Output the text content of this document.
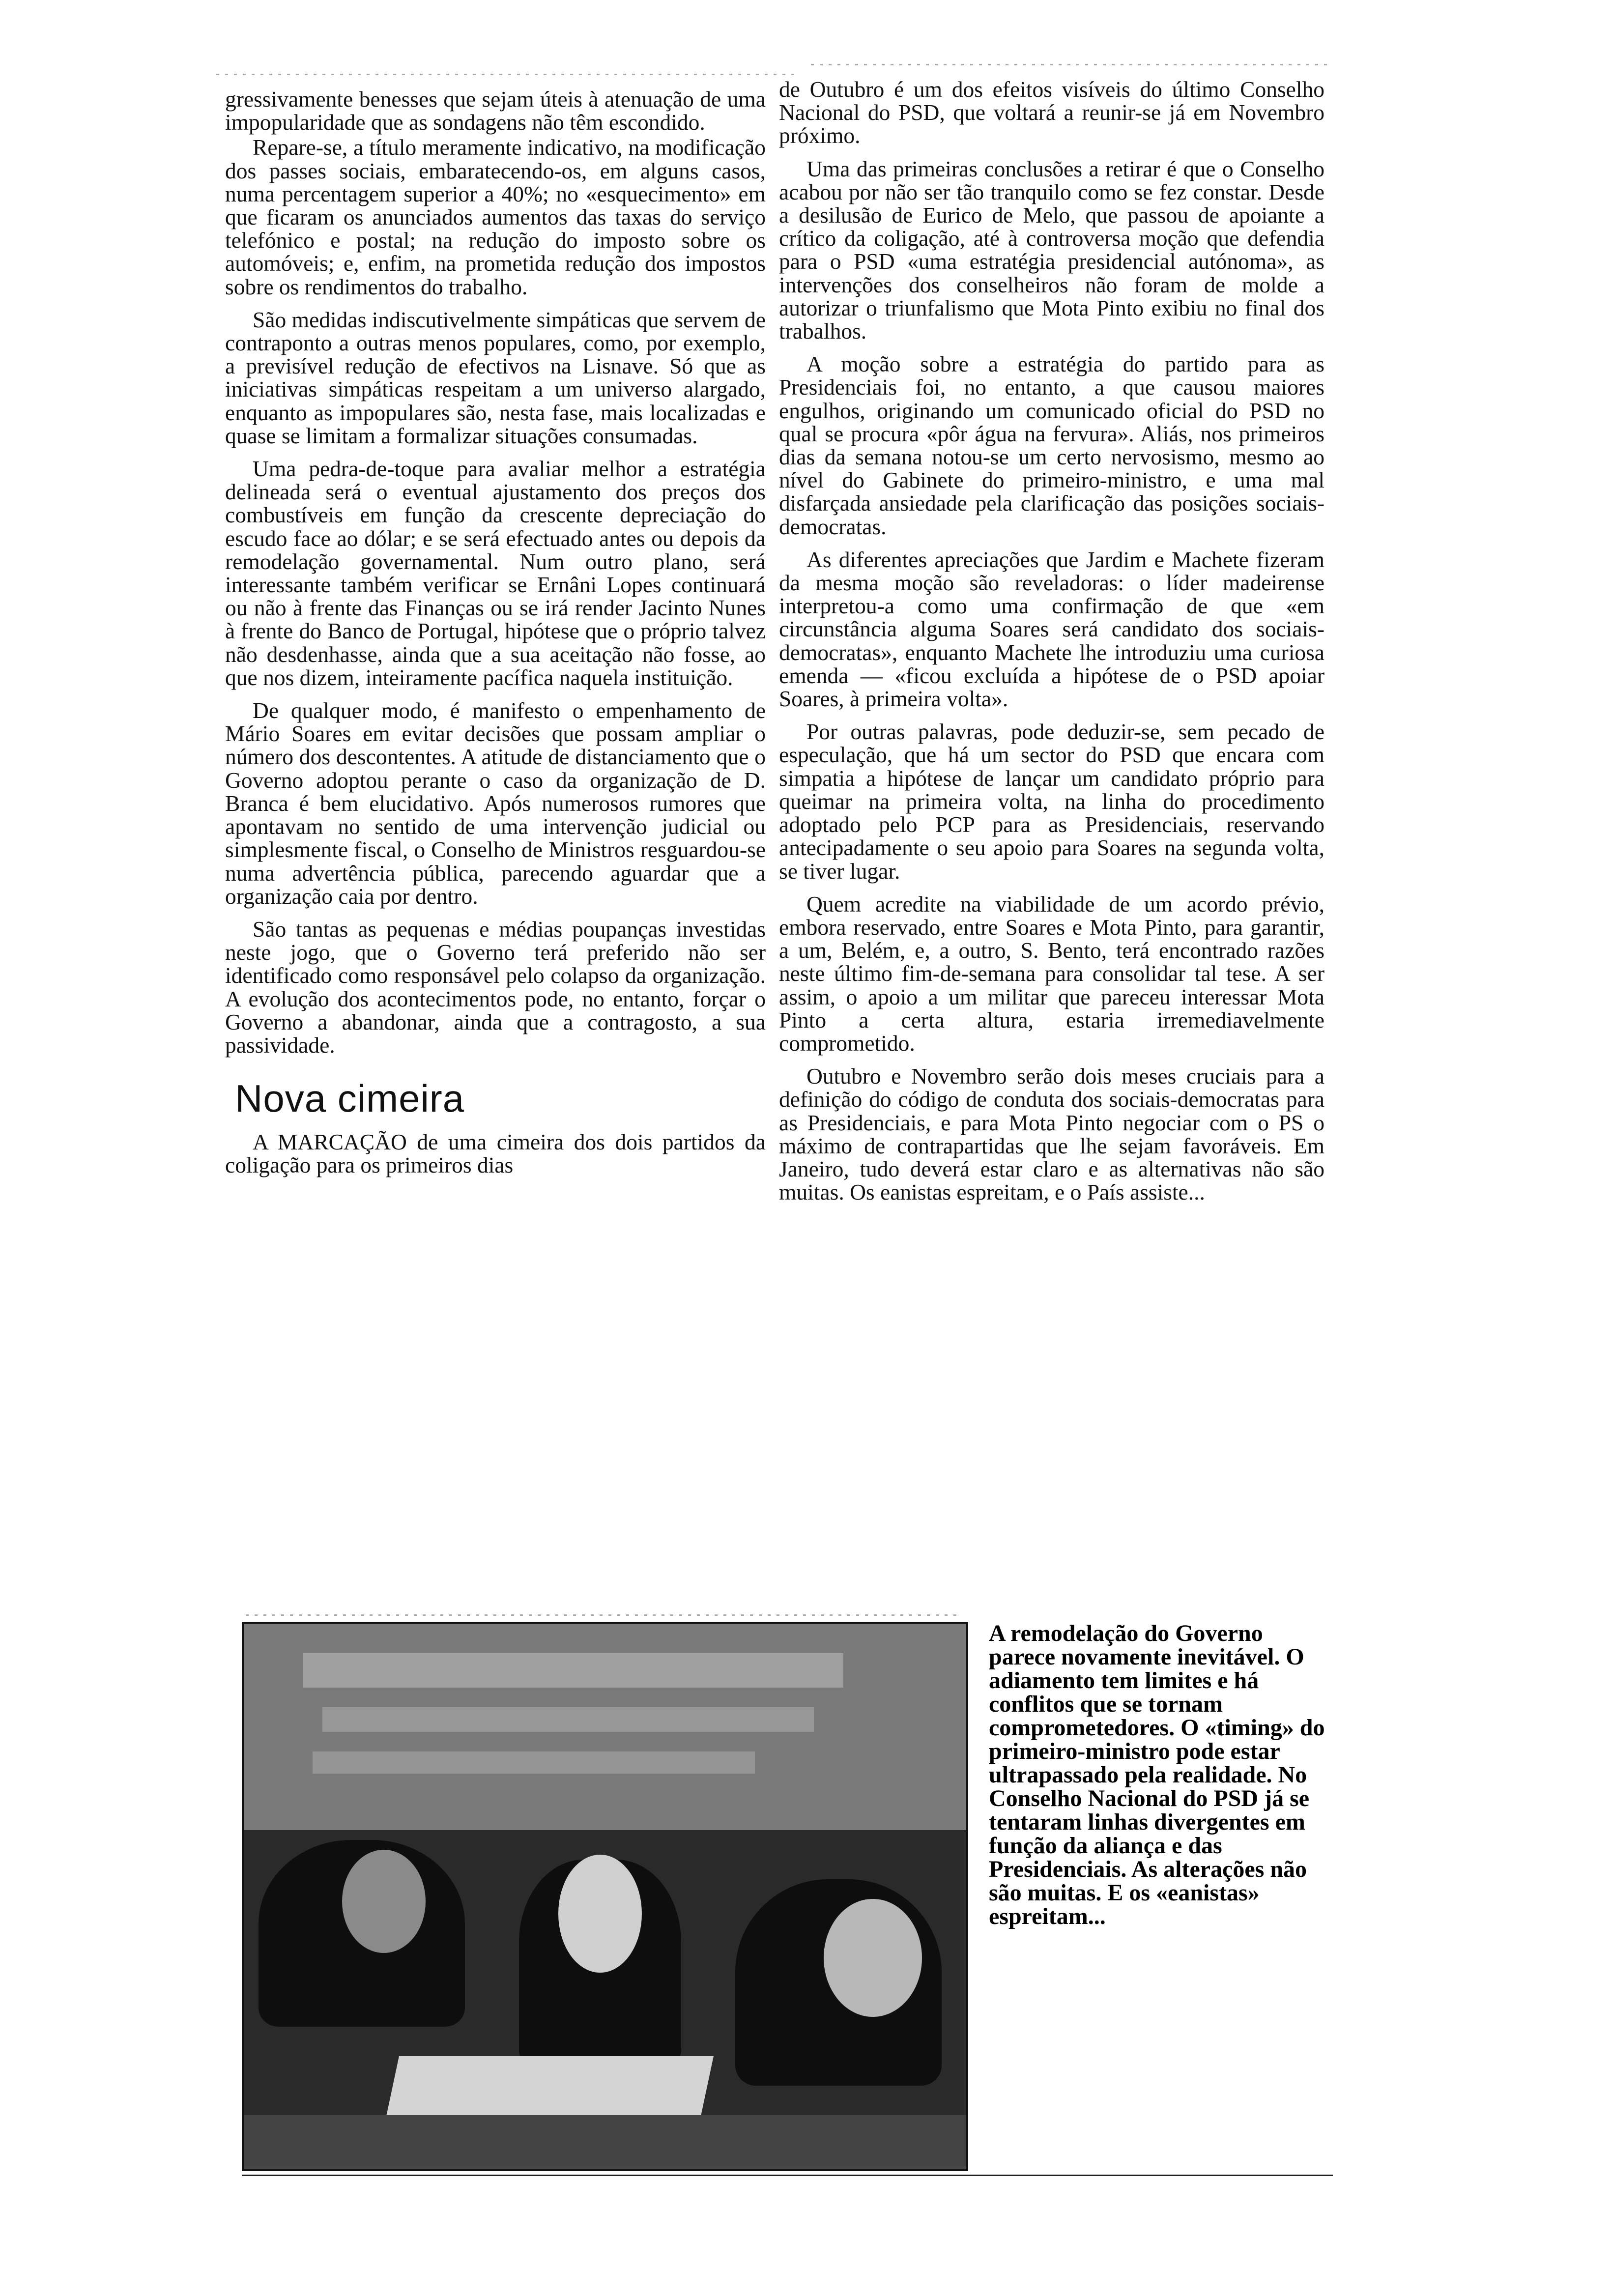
gressivamente benesses que sejam úteis à atenuação de uma impopularidade que as sondagens não têm escondido.

Repare-se, a título meramente indicativo, na modificação dos passes sociais, embaratecendo-os, em alguns casos, numa percentagem superior a 40%; no «esquecimento» em que ficaram os anunciados aumentos das taxas do serviço telefónico e postal; na redução do imposto sobre os automóveis; e, enfim, na prometida redução dos impostos sobre os rendimentos do trabalho.

São medidas indiscutivelmente simpáticas que servem de contraponto a outras menos populares, como, por exemplo, a previsível redução de efectivos na Lisnave. Só que as iniciativas simpáticas respeitam a um universo alargado, enquanto as impopulares são, nesta fase, mais localizadas e quase se limitam a formalizar situações consumadas.

Uma pedra-de-toque para avaliar melhor a estratégia delineada será o eventual ajustamento dos preços dos combustíveis em função da crescente depreciação do escudo face ao dólar; e se será efectuado antes ou depois da remodelação governamental. Num outro plano, será interessante também verificar se Ernâni Lopes continuará ou não à frente das Finanças ou se irá render Jacinto Nunes à frente do Banco de Portugal, hipótese que o próprio talvez não desdenhasse, ainda que a sua aceitação não fosse, ao que nos dizem, inteiramente pacífica naquela instituição.

De qualquer modo, é manifesto o empenhamento de Mário Soares em evitar decisões que possam ampliar o número dos descontentes. A atitude de distanciamento que o Governo adoptou perante o caso da organização de D. Branca é bem elucidativo. Após numerosos rumores que apontavam no sentido de uma intervenção judicial ou simplesmente fiscal, o Conselho de Ministros resguardou-se numa advertência pública, parecendo aguardar que a organização caia por dentro.

São tantas as pequenas e médias poupanças investidas neste jogo, que o Governo terá preferido não ser identificado como responsável pelo colapso da organização. A evolução dos acontecimentos pode, no entanto, forçar o Governo a abandonar, ainda que a contragosto, a sua passividade.

Nova cimeira

A MARCAÇÃO de uma cimeira dos dois partidos da coligação para os primeiros dias

de Outubro é um dos efeitos visíveis do último Conselho Nacional do PSD, que voltará a reunir-se já em Novembro próximo.

Uma das primeiras conclusões a retirar é que o Conselho acabou por não ser tão tranquilo como se fez constar. Desde a desilusão de Eurico de Melo, que passou de apoiante a crítico da coligação, até à controversa moção que defendia para o PSD «uma estratégia presidencial autónoma», as intervenções dos conselheiros não foram de molde a autorizar o triunfalismo que Mota Pinto exibiu no final dos trabalhos.

A moção sobre a estratégia do partido para as Presidenciais foi, no entanto, a que causou maiores engulhos, originando um comunicado oficial do PSD no qual se procura «pôr água na fervura». Aliás, nos primeiros dias da semana notou-se um certo nervosismo, mesmo ao nível do Gabinete do primeiro-ministro, e uma mal disfarçada ansiedade pela clarificação das posições sociais-democratas.

As diferentes apreciações que Jardim e Machete fizeram da mesma moção são reveladoras: o líder madeirense interpretou-a como uma confirmação de que «em circunstância alguma Soares será candidato dos sociais-democratas», enquanto Machete lhe introduziu uma curiosa emenda — «ficou excluída a hipótese de o PSD apoiar Soares, à primeira volta».

Por outras palavras, pode deduzir-se, sem pecado de especulação, que há um sector do PSD que encara com simpatia a hipótese de lançar um candidato próprio para queimar na primeira volta, na linha do procedimento adoptado pelo PCP para as Presidenciais, reservando antecipadamente o seu apoio para Soares na segunda volta, se tiver lugar.

Quem acredite na viabilidade de um acordo prévio, embora reservado, entre Soares e Mota Pinto, para garantir, a um, Belém, e, a outro, S. Bento, terá encontrado razões neste último fim-de-semana para consolidar tal tese. A ser assim, o apoio a um militar que pareceu interessar Mota Pinto a certa altura, estaria irremediavelmente comprometido.

Outubro e Novembro serão dois meses cruciais para a definição do código de conduta dos sociais-democratas para as Presidenciais, e para Mota Pinto negociar com o PS o máximo de contrapartidas que lhe sejam favoráveis. Em Janeiro, tudo deverá estar claro e as alternativas não são muitas. Os eanistas espreitam, e o País assiste...

A remodelação do Governo parece novamente inevitável. O adiamento tem limites e há conflitos que se tornam comprometedores. O «timing» do primeiro-ministro pode estar ultrapassado pela realidade. No Conselho Nacional do PSD já se tentaram linhas divergentes em função da aliança e das Presidenciais. As alterações não são muitas. E os «eanistas» espreitam...
